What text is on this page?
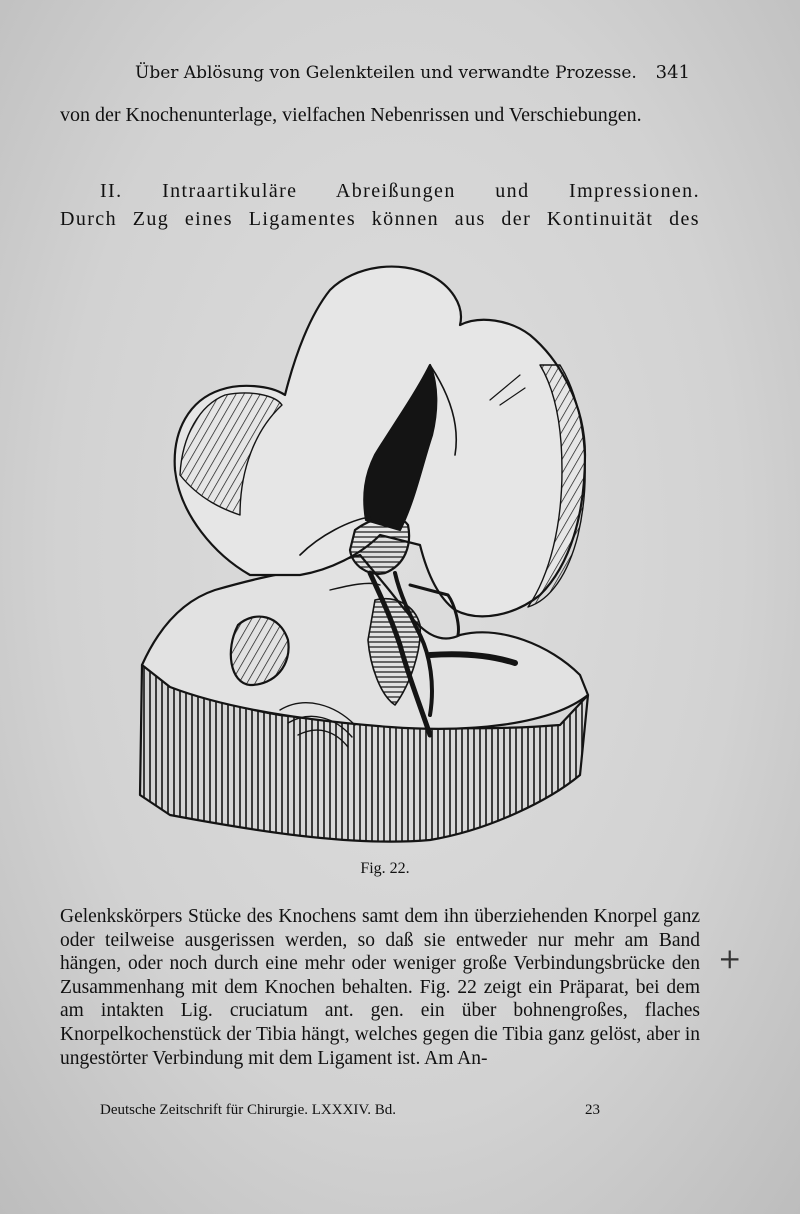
Über Ablösung von Gelenkteilen und verwandte Prozesse. 341
von der Knochenunterlage, vielfachen Nebenrissen und Verschiebungen.
II. Intraartikuläre Abreißungen und Impressionen.
Durch Zug eines Ligamentes können aus der Kontinuität des
Fig. 22.
Gelenkskörpers Stücke des Knochens samt dem ihn überziehenden Knorpel ganz oder teilweise ausgerissen werden, so daß sie entweder nur mehr am Band hängen, oder noch durch eine mehr oder weniger große Verbindungsbrücke den Zusammenhang mit dem Knochen behalten. Fig. 22 zeigt ein Präparat, bei dem am intakten Lig. cruciatum ant. gen. ein über bohnengroßes, flaches Knorpelkochenstück der Tibia hängt, welches gegen die Tibia ganz gelöst, aber in ungestörter Verbindung mit dem Ligament ist. Am An-
+
Deutsche Zeitschrift für Chirurgie. LXXXIV. Bd.	23
